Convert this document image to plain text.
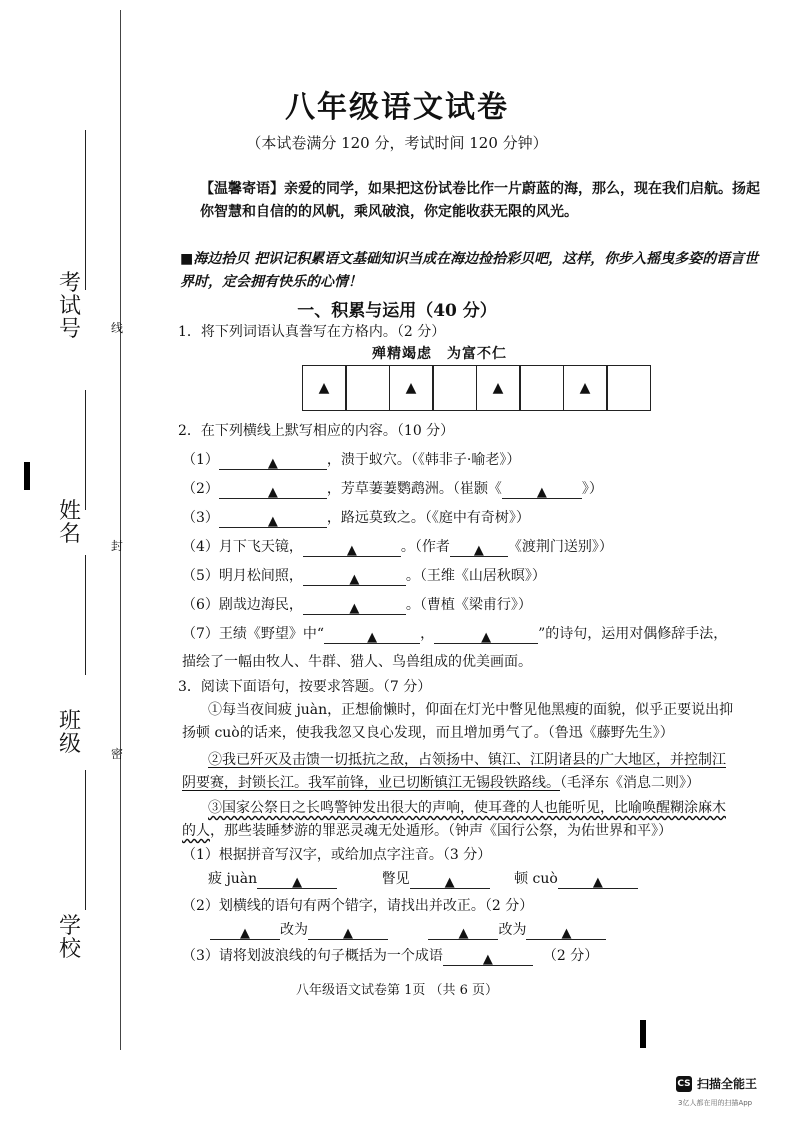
考试号
姓名
班级
学校
线
封
密
八年级语文试卷
（本试卷满分 120 分，考试时间 120 分钟）
【温馨寄语】亲爱的同学，如果把这份试卷比作一片蔚蓝的海，那么，现在我们启航。扬起你智慧和自信的的风帆，乘风破浪，你定能收获无限的风光。
■海边拾贝 把识记积累语文基础知识当成在海边捡拾彩贝吧，这样，你步入摇曳多姿的语言世界时，定会拥有快乐的心情！
一、积累与运用（40 分）
1．将下列词语认真誊写在方格内。（2 分）
殚精竭虑　为富不仁
▲	▲	▲	▲
2．在下列横线上默写相应的内容。（10 分）
（1）	▲	，溃于蚁穴。（《韩非子·喻老》）
（2）	▲	，芳草萋萋鹦鹉洲。（崔颢《	▲	》）
（3）	▲	，路远莫致之。（《庭中有奇树》）
（4）月下飞天镜，	▲	。（作者 ▲ 《渡荆门送别》）
（5）明月松间照，	▲	。（王维《山居秋暝》）
（6）剧哉边海民，	▲	。（曹植《梁甫行》）
（7）王绩《野望》中“	▲	，	▲	”的诗句，运用对偶修辞手法，
描绘了一幅由牧人、牛群、猎人、鸟兽组成的优美画面。
3．阅读下面语句，按要求答题。（7 分）
①每当夜间疲 juàn，正想偷懒时，仰面在灯光中瞥见他黑瘦的面貌，似乎正要说出抑
扬顿 cuò的话来，使我我忽又良心发现，而且增加勇气了。（鲁迅《藤野先生》）
②我已歼灭及击馈一切抵抗之敌，占领扬中、镇江、江阴诸县的广大地区，并控制江
阴要赛，封锁长江。我军前锋，业已切断镇江无锡段铁路线。（毛泽东《消息二则》）
③国家公祭日之长鸣警钟发出很大的声响，使耳聋的人也能听见，比喻唤醒糊涂麻木
的人，那些装睡梦游的罪恶灵魂无处遁形。（钟声《国行公祭，为佑世界和平》）
（1）根据拼音写汉字，或给加点字注音。（3 分）
疲 juàn	▲	瞥见	▲	顿 cuò	▲
（2）划横线的语句有两个错字，请找出并改正。（2 分）
▲ 改为	▲	▲ 改为	▲
（3）请将划波浪线的句子概括为一个成语	▲	（2 分）
八年级语文试卷第 1页 （共 6 页）
CS 扫描全能王
3亿人都在用的扫描App
